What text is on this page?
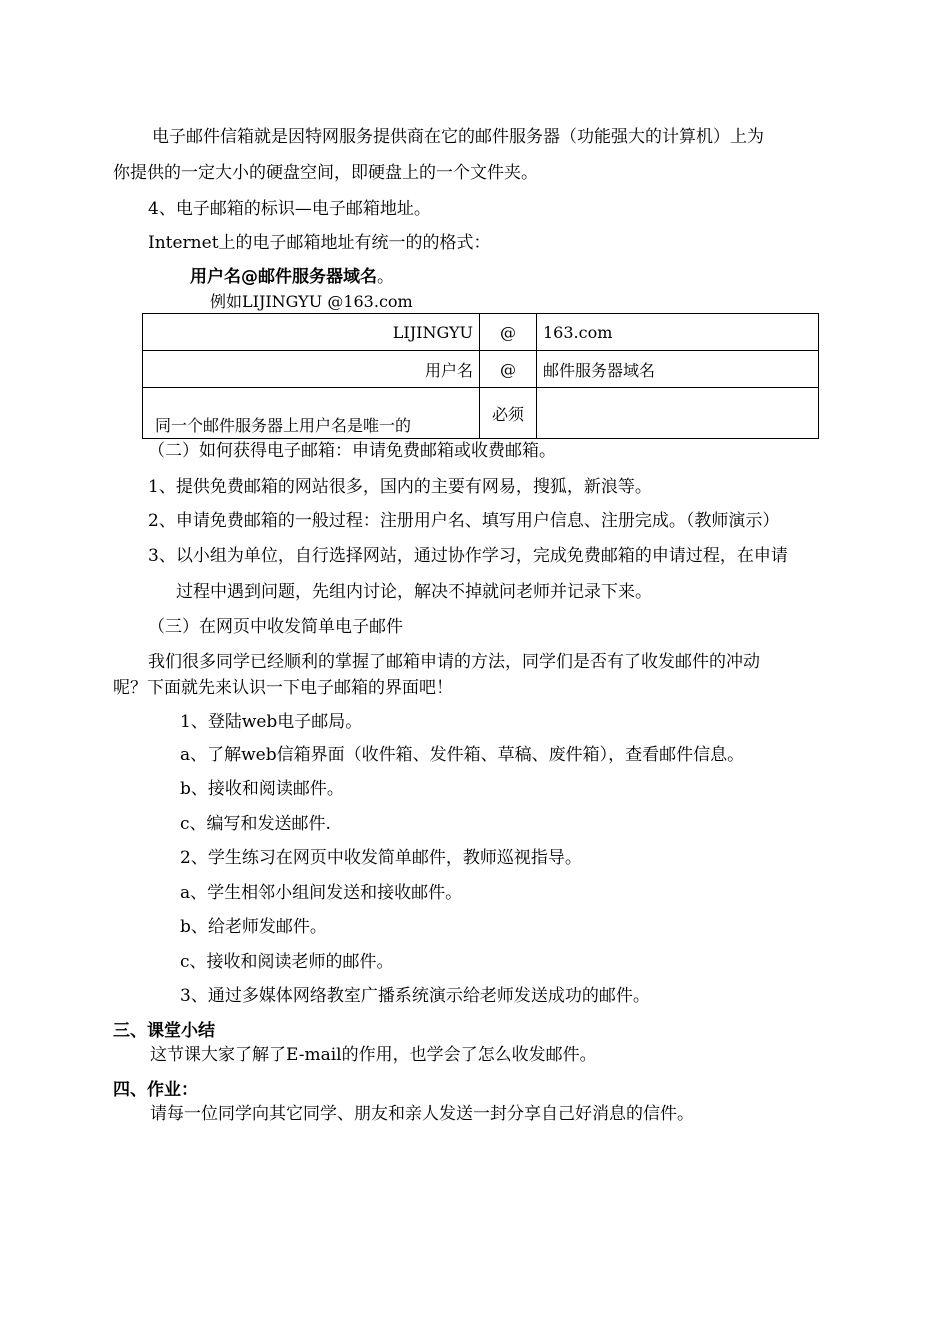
电子邮件信箱就是因特网服务提供商在它的邮件服务器（功能强大的计算机）上为
你提供的一定大小的硬盘空间，即硬盘上的一个文件夹。
4、电子邮箱的标识—电子邮箱地址。
Internet上的电子邮箱地址有统一的的格式：
用户名@邮件服务器域名。
例如LIJINGYU @163.com
LIJINGYU	@	163.com
用户名	@	邮件服务器域名
同一个邮件服务器上用户名是唯一的	必须	
（二）如何获得电子邮箱：申请免费邮箱或收费邮箱。
1、提供免费邮箱的网站很多，国内的主要有网易，搜狐，新浪等。
2、申请免费邮箱的一般过程：注册用户名、填写用户信息、注册完成。（教师演示）
3、以小组为单位，自行选择网站，通过协作学习，完成免费邮箱的申请过程，在申请
过程中遇到问题，先组内讨论，解决不掉就问老师并记录下来。
（三）在网页中收发简单电子邮件
我们很多同学已经顺利的掌握了邮箱申请的方法，同学们是否有了收发邮件的冲动
呢？下面就先来认识一下电子邮箱的界面吧！
1、登陆web电子邮局。
a、了解web信箱界面（收件箱、发件箱、草稿、废件箱），查看邮件信息。
b、接收和阅读邮件。
c、编写和发送邮件.
2、学生练习在网页中收发简单邮件，教师巡视指导。
a、学生相邻小组间发送和接收邮件。
b、给老师发邮件。
c、接收和阅读老师的邮件。
3、通过多媒体网络教室广播系统演示给老师发送成功的邮件。
三、课堂小结
这节课大家了解了E-mail的作用，也学会了怎么收发邮件。
四、作业：
请每一位同学向其它同学、朋友和亲人发送一封分享自己好消息的信件。
